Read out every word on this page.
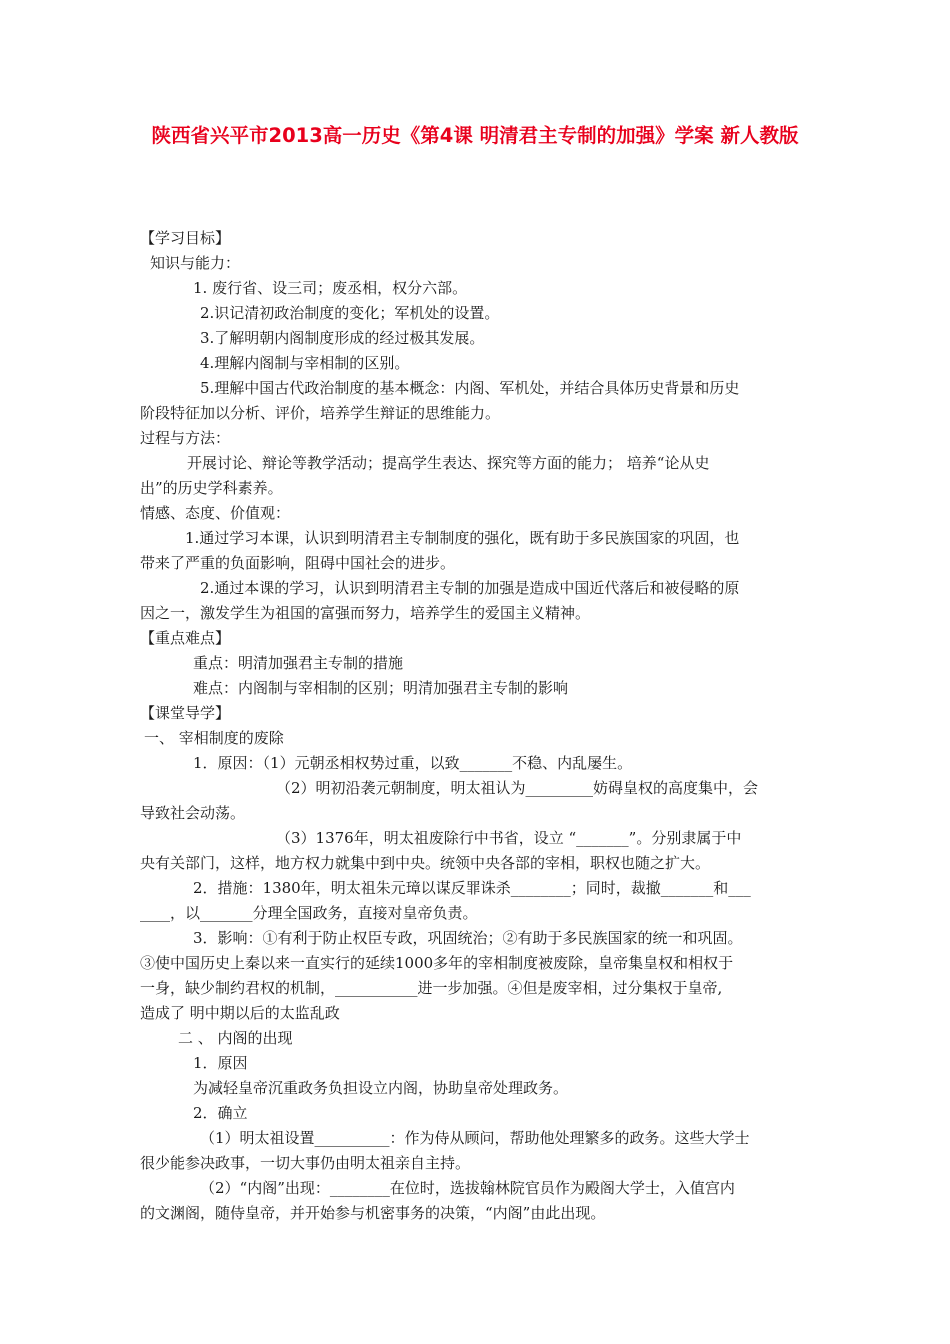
陕西省兴平市2013高一历史《第4课 明清君主专制的加强》学案 新人教版
【学习目标】
知识与能力：
1. 废行省、设三司；废丞相，权分六部。
2.识记清初政治制度的变化；军机处的设置。
3.了解明朝内阁制度形成的经过极其发展。
4.理解内阁制与宰相制的区别。
5.理解中国古代政治制度的基本概念：内阁、军机处，并结合具体历史背景和历史
阶段特征加以分析、评价，培养学生辩证的思维能力。
过程与方法：
开展讨论、辩论等教学活动；提高学生表达、探究等方面的能力； 培养“论从史
出”的历史学科素养。
情感、态度、价值观：
1.通过学习本课，认识到明清君主专制制度的强化，既有助于多民族国家的巩固，也
带来了严重的负面影响，阻碍中国社会的进步。
2.通过本课的学习，认识到明清君主专制的加强是造成中国近代落后和被侵略的原
因之一，激发学生为祖国的富强而努力，培养学生的爱国主义精神。
【重点难点】
重点：明清加强君主专制的措施
难点：内阁制与宰相制的区别；明清加强君主专制的影响
【课堂导学】
一、 宰相制度的废除
1．原因：（1）元朝丞相权势过重，以致_______不稳、内乱屡生。
（2）明初沿袭元朝制度，明太祖认为_________妨碍皇权的高度集中，会
导致社会动荡。
（3）1376年，明太祖废除行中书省，设立 “_______”。分别隶属于中
央有关部门，这样，地方权力就集中到中央。统领中央各部的宰相，职权也随之扩大。
2．措施：1380年，明太祖朱元璋以谋反罪诛杀________；同时，裁撤_______和___
____，以_______分理全国政务，直接对皇帝负责。
3．影响：①有利于防止权臣专政，巩固统治；②有助于多民族国家的统一和巩固。
③使中国历史上秦以来一直实行的延续1000多年的宰相制度被废除，皇帝集皇权和相权于
一身，缺少制约君权的机制，___________进一步加强。④但是废宰相，过分集权于皇帝,
造成了 明中期以后的太监乱政
二 、 内阁的出现
1．原因
为减轻皇帝沉重政务负担设立内阁，协助皇帝处理政务。
2．确立
（1）明太祖设置__________：作为侍从顾问，帮助他处理繁多的政务。这些大学士
很少能参决政事，一切大事仍由明太祖亲自主持。
（2）“内阁”出现：________在位时，选拔翰林院官员作为殿阁大学士，入值宫内
的文渊阁，随侍皇帝，并开始参与机密事务的决策，“内阁”由此出现。
